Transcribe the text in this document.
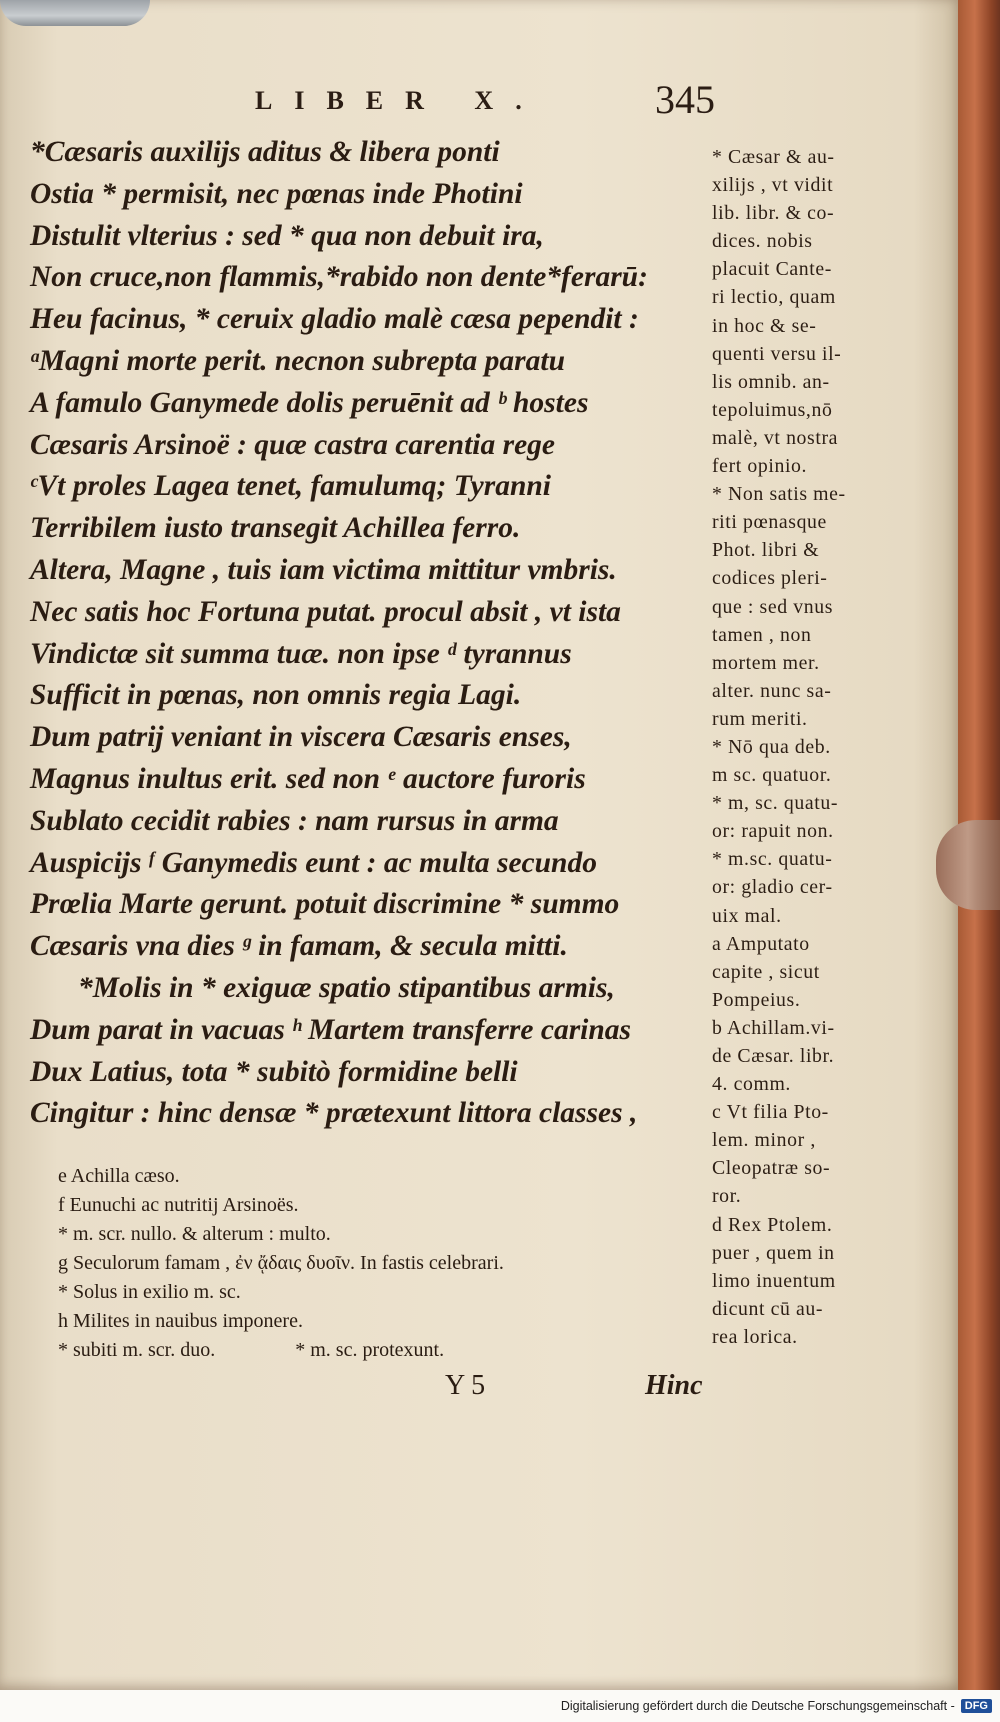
LIBER X.	345
*Cæsaris auxilijs aditus & libera ponti
Ostia * permisit, nec pœnas inde Photini
Distulit vlterius : sed * qua non debuit ira,
Non cruce,non flammis,*rabido non dente*ferarū:
Heu facinus, * ceruix gladio malè cæsa pependit :
ᵃMagni morte perit. necnon subrepta paratu
A famulo Ganymede dolis peruēnit ad ᵇ hostes
Cæsaris Arsinoë : quæ castra carentia rege
ᶜVt proles Lagea tenet, famulumq; Tyranni
Terribilem iusto transegit Achillea ferro.
Altera, Magne , tuis iam victima mittitur vmbris.
Nec satis hoc Fortuna putat. procul absit , vt ista
Vindictæ sit summa tuæ. non ipse ᵈ tyrannus
Sufficit in pœnas, non omnis regia Lagi.
Dum patrij veniant in viscera Cæsaris enses,
Magnus inultus erit. sed non ᵉ auctore furoris
Sublato cecidit rabies : nam rursus in arma
Auspicijs ᶠ Ganymedis eunt : ac multa secundo
Prœlia Marte gerunt. potuit discrimine * summo
Cæsaris vna dies ᵍ in famam, & secula mitti.
*Molis in * exiguæ spatio stipantibus armis,
Dum parat in vacuas ʰ Martem transferre carinas
Dux Latius, tota * subitò formidine belli
Cingitur : hinc densæ * prætexunt littora classes ,
e Achilla cæso.
f Eunuchi ac nutritij Arsinoës.
* m. scr. nullo. & alterum : multo.
g Seculorum famam , ἐν ᾄδαις δυοῖν. In fastis celebrari.
* Solus in exilio m. sc.
h Milites in nauibus imponere.
* subiti m. scr. duo.	* m. sc. protexunt.
* Cæsar & au-
xilijs , vt vidit
lib. libr. & co-
dices. nobis
placuit Cante-
ri lectio, quam
in hoc & se-
quenti versu il-
lis omnib. an-
tepoluimus,nō
malè, vt nostra
fert opinio.
* Non satis me-
riti pœnasque
Phot. libri &
codices pleri-
que : sed vnus
tamen , non
mortem mer.
alter. nunc sa-
rum meriti.
* Nō qua deb.
m sc. quatuor.
* m, sc. quatu-
or: rapuit non.
* m.sc. quatu-
or: gladio cer-
uix mal.
a Amputato
capite , sicut
Pompeius.
b Achillam.vi-
de Cæsar. libr.
4. comm.
c Vt filia Pto-
lem. minor ,
Cleopatræ so-
ror.
d Rex Ptolem.
puer , quem in
limo inuentum
dicunt cū au-
rea lorica.
Y 5	Hinc
Digitalisierung gefördert durch die Deutsche Forschungsgemeinschaft - DFG
